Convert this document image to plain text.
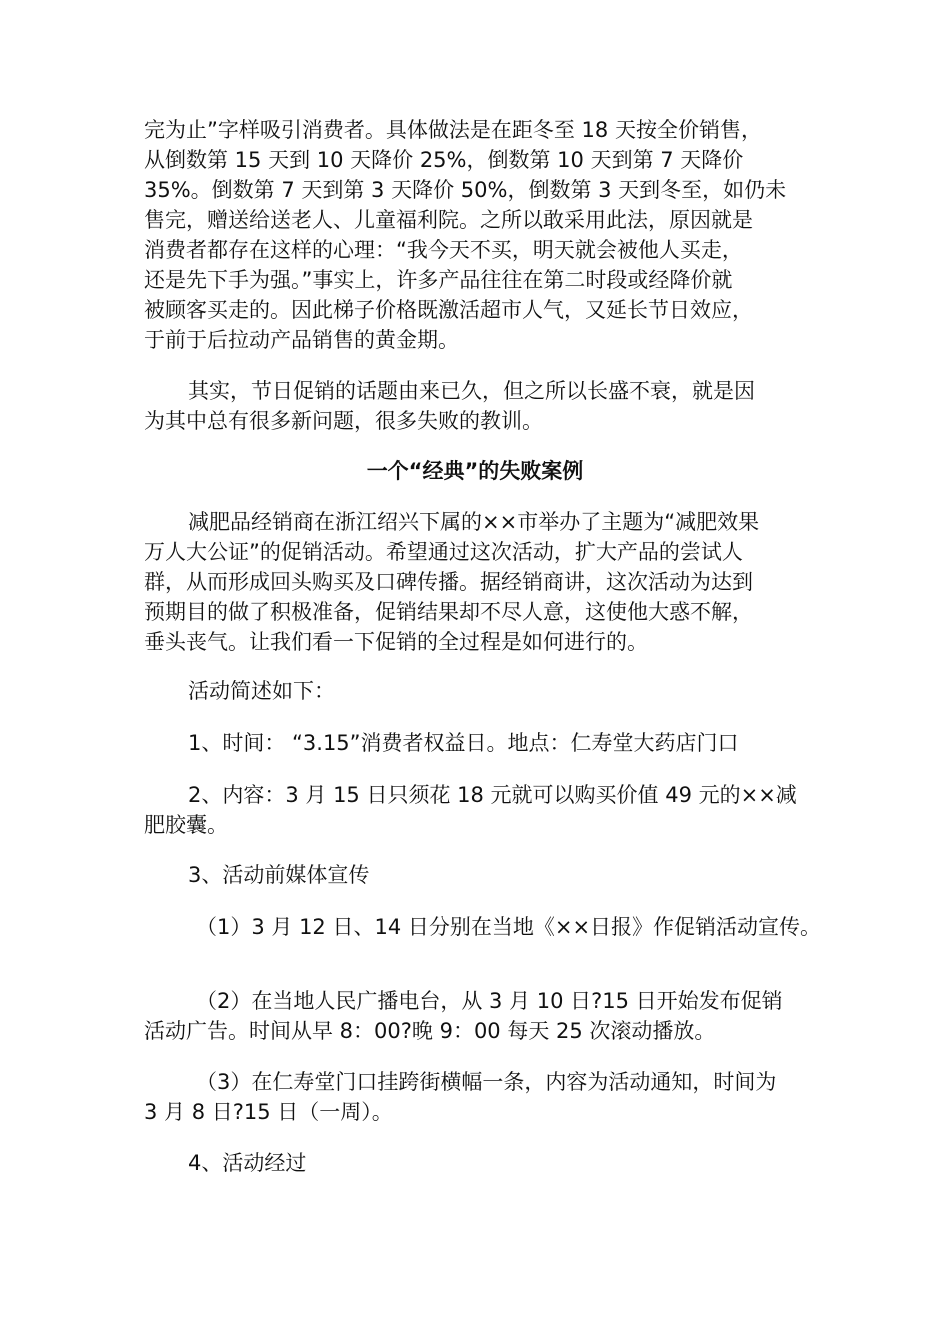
完为止”字样吸引消费者。具体做法是在距冬至 18 天按全价销售，
从倒数第 15 天到 10 天降价 25%，倒数第 10 天到第 7 天降价
35%。倒数第 7 天到第 3 天降价 50%，倒数第 3 天到冬至，如仍未
售完，赠送给送老人、儿童福利院。之所以敢采用此法，原因就是
消费者都存在这样的心理：“我今天不买，明天就会被他人买走，
还是先下手为强。”事实上，许多产品往往在第二时段或经降价就
被顾客买走的。因此梯子价格既激活超市人气，又延长节日效应，
于前于后拉动产品销售的黄金期。
其实，节日促销的话题由来已久，但之所以长盛不衰，就是因
为其中总有很多新问题，很多失败的教训。
一个“经典”的失败案例
减肥品经销商在浙江绍兴下属的××市举办了主题为“减肥效果
万人大公证”的促销活动。希望通过这次活动，扩大产品的尝试人
群，从而形成回头购买及口碑传播。据经销商讲，这次活动为达到
预期目的做了积极准备，促销结果却不尽人意，这使他大惑不解，
垂头丧气。让我们看一下促销的全过程是如何进行的。
活动简述如下：
1、时间： “3.15”消费者权益日。地点：仁寿堂大药店门口
2、内容：3 月 15 日只须花 18 元就可以购买价值 49 元的××减
肥胶囊。
3、活动前媒体宣传
（1）3 月 12 日、14 日分别在当地《××日报》作促销活动宣传。
（2）在当地人民广播电台，从 3 月 10 日?15 日开始发布促销
活动广告。时间从早 8：00?晚 9：00 每天 25 次滚动播放。
（3）在仁寿堂门口挂跨街横幅一条，内容为活动通知，时间为
3 月 8 日?15 日（一周）。
4、活动经过
